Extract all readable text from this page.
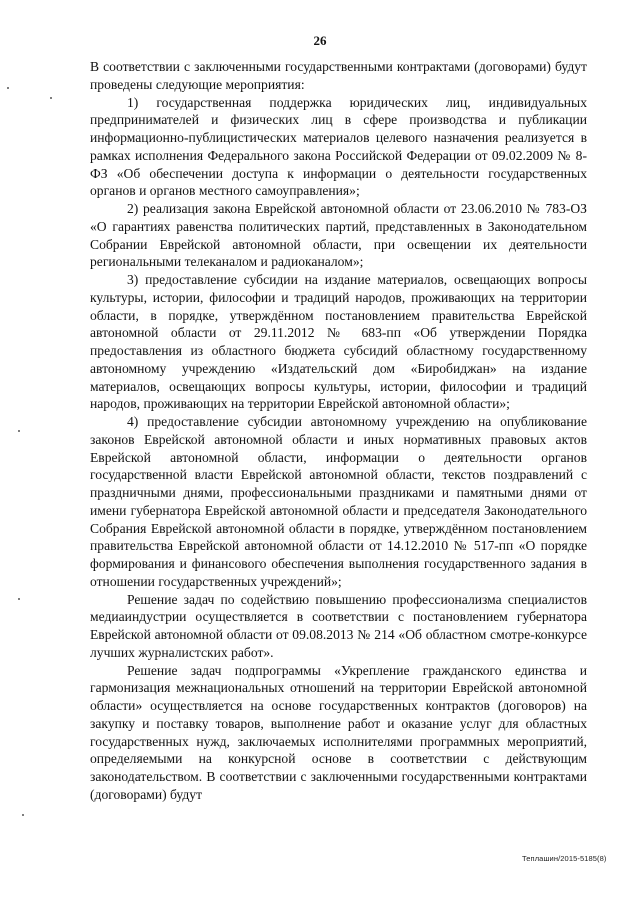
26

В соответствии с заключенными государственными контрактами (договорами) будут проведены следующие мероприятия:

1) государственная поддержка юридических лиц, индивидуальных предпринимателей и физических лиц в сфере производства и публикации информационно-публицистических материалов целевого назначения реализуется в рамках исполнения Федерального закона Российской Федерации от 09.02.2009 № 8-ФЗ «Об обеспечении доступа к информации о деятельности государственных органов и органов местного самоуправления»;

2) реализация закона Еврейской автономной области от 23.06.2010 № 783-ОЗ «О гарантиях равенства политических партий, представленных в Законодательном Собрании Еврейской автономной области, при освещении их деятельности региональными телеканалом и радиоканалом»;

3) предоставление субсидии на издание материалов, освещающих вопросы культуры, истории, философии и традиций народов, проживающих на территории области, в порядке, утверждённом постановлением правительства Еврейской автономной области от 29.11.2012 № 683-пп «Об утверждении Порядка предоставления из областного бюджета субсидий областному государственному автономному учреждению «Издательский дом «Биробиджан» на издание материалов, освещающих вопросы культуры, истории, философии и традиций народов, проживающих на территории Еврейской автономной области»;

4) предоставление субсидии автономному учреждению на опубликование законов Еврейской автономной области и иных нормативных правовых актов Еврейской автономной области, информации о деятельности органов государственной власти Еврейской автономной области, текстов поздравлений с праздничными днями, профессиональными праздниками и памятными днями от имени губернатора Еврейской автономной области и председателя Законодательного Собрания Еврейской автономной области в порядке, утверждённом постановлением правительства Еврейской автономной области от 14.12.2010 № 517-пп «О порядке формирования и финансового обеспечения выполнения государственного задания в отношении государственных учреждений»;

Решение задач по содействию повышению профессионализма специалистов медиаиндустрии осуществляется в соответствии с постановлением губернатора Еврейской автономной области от 09.08.2013 № 214 «Об областном смотре-конкурсе лучших журналистских работ».

Решение задач подпрограммы «Укрепление гражданского единства и гармонизация межнациональных отношений на территории Еврейской автономной области» осуществляется на основе государственных контрактов (договоров) на закупку и поставку товаров, выполнение работ и оказание услуг для областных государственных нужд, заключаемых исполнителями программных мероприятий, определяемыми на конкурсной основе в соответствии с действующим законодательством. В соответствии с заключенными государственными контрактами (договорами) будут

Теплашин/2015-5185(8)
